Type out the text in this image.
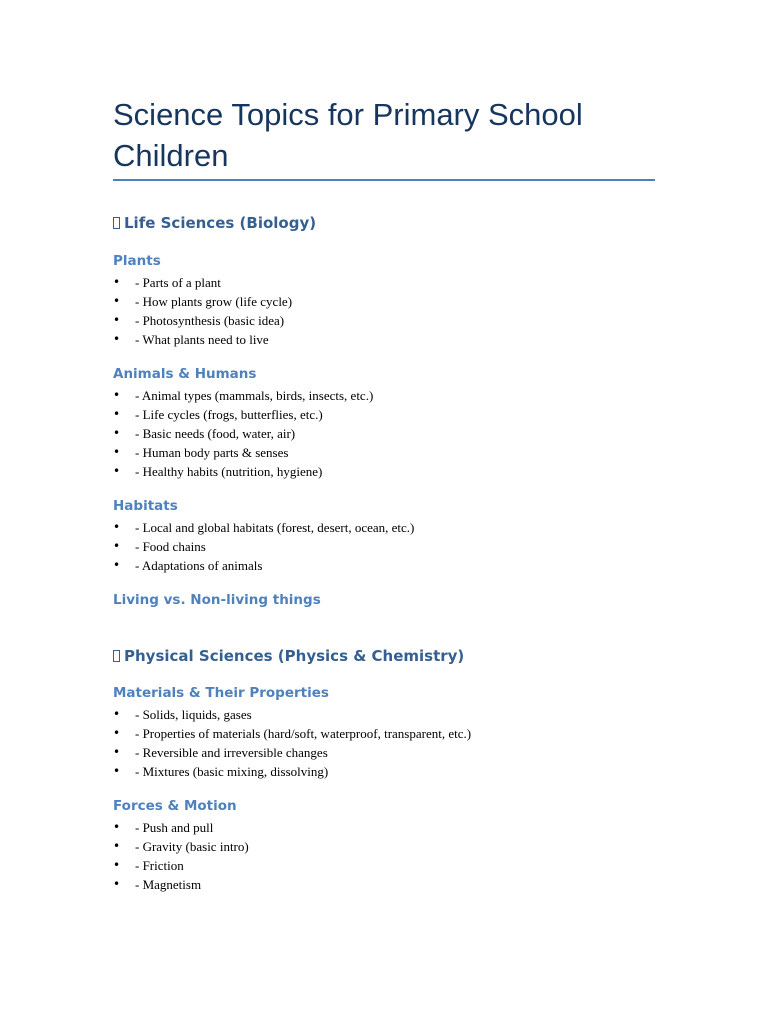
Science Topics for Primary School Children
Life Sciences (Biology)
Plants
• - Parts of a plant
• - How plants grow (life cycle)
• - Photosynthesis (basic idea)
• - What plants need to live
Animals & Humans
• - Animal types (mammals, birds, insects, etc.)
• - Life cycles (frogs, butterflies, etc.)
• - Basic needs (food, water, air)
• - Human body parts & senses
• - Healthy habits (nutrition, hygiene)
Habitats
• - Local and global habitats (forest, desert, ocean, etc.)
• - Food chains
• - Adaptations of animals
Living vs. Non-living things
Physical Sciences (Physics & Chemistry)
Materials & Their Properties
• - Solids, liquids, gases
• - Properties of materials (hard/soft, waterproof, transparent, etc.)
• - Reversible and irreversible changes
• - Mixtures (basic mixing, dissolving)
Forces & Motion
• - Push and pull
• - Gravity (basic intro)
• - Friction
• - Magnetism
